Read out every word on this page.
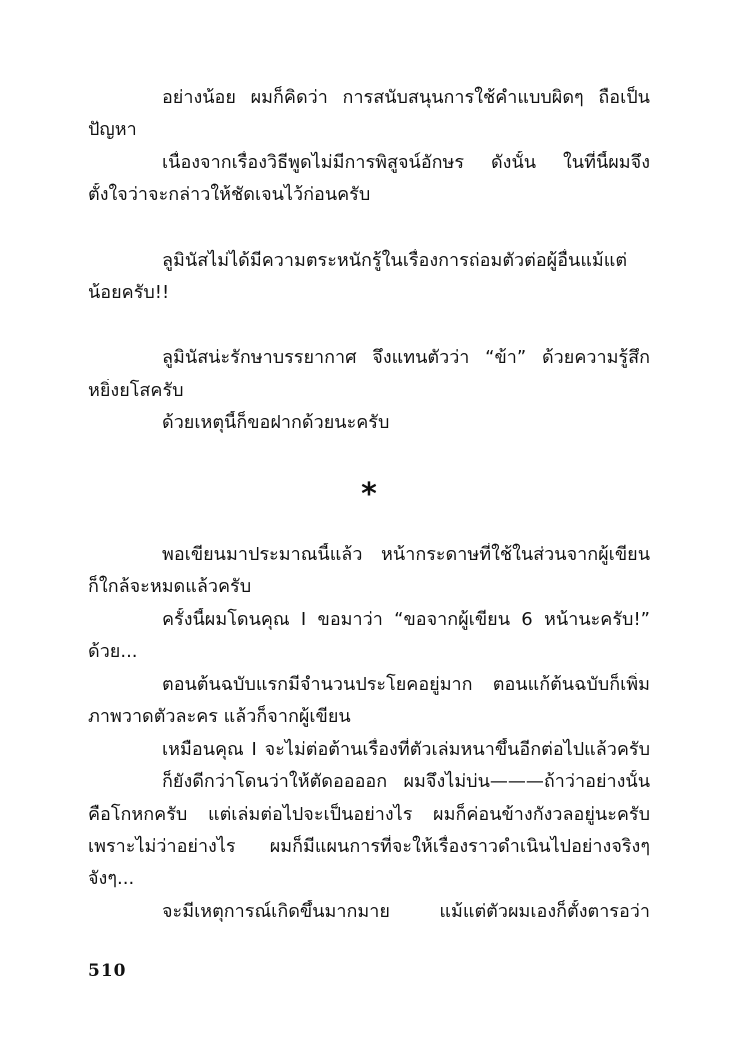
อย่างน้อย ผมก็คิดว่า การสนับสนุนการใช้คำแบบผิดๆ ถือเป็น
ปัญหา
เนื่องจากเรื่องวิธีพูดไม่มีการพิสูจน์อักษร ดังนั้น ในที่นี้ผมจึง
ตั้งใจว่าจะกล่าวให้ชัดเจนไว้ก่อนครับ
ลูมินัสไม่ได้มีความตระหนักรู้ในเรื่องการถ่อมตัวต่อผู้อื่นแม้แต่
น้อยครับ!!
ลูมินัสน่ะรักษาบรรยากาศ จึงแทนตัวว่า “ข้า” ด้วยความรู้สึก
หยิ่งยโสครับ
ด้วยเหตุนี้ก็ขอฝากด้วยนะครับ
*
พอเขียนมาประมาณนี้แล้ว หน้ากระดาษที่ใช้ในส่วนจากผู้เขียน
ก็ใกล้จะหมดแล้วครับ
ครั้งนี้ผมโดนคุณ I ขอมาว่า “ขอจากผู้เขียน 6 หน้านะครับ!”
ด้วย...
ตอนต้นฉบับแรกมีจำนวนประโยคอยู่มาก ตอนแก้ต้นฉบับก็เพิ่ม
ภาพวาดตัวละคร แล้วก็จากผู้เขียน
เหมือนคุณ I จะไม่ต่อต้านเรื่องที่ตัวเล่มหนาขึ้นอีกต่อไปแล้วครับ
ก็ยังดีกว่าโดนว่าให้ตัดออออก ผมจึงไม่บ่น———ถ้าว่าอย่างนั้น
คือโกหกครับ แต่เล่มต่อไปจะเป็นอย่างไร ผมก็ค่อนข้างกังวลอยู่นะครับ
เพราะไม่ว่าอย่างไร ผมก็มีแผนการที่จะให้เรื่องราวดำเนินไปอย่างจริงๆ
จังๆ...
จะมีเหตุการณ์เกิดขึ้นมากมาย แม้แต่ตัวผมเองก็ตั้งตารอว่า
510
